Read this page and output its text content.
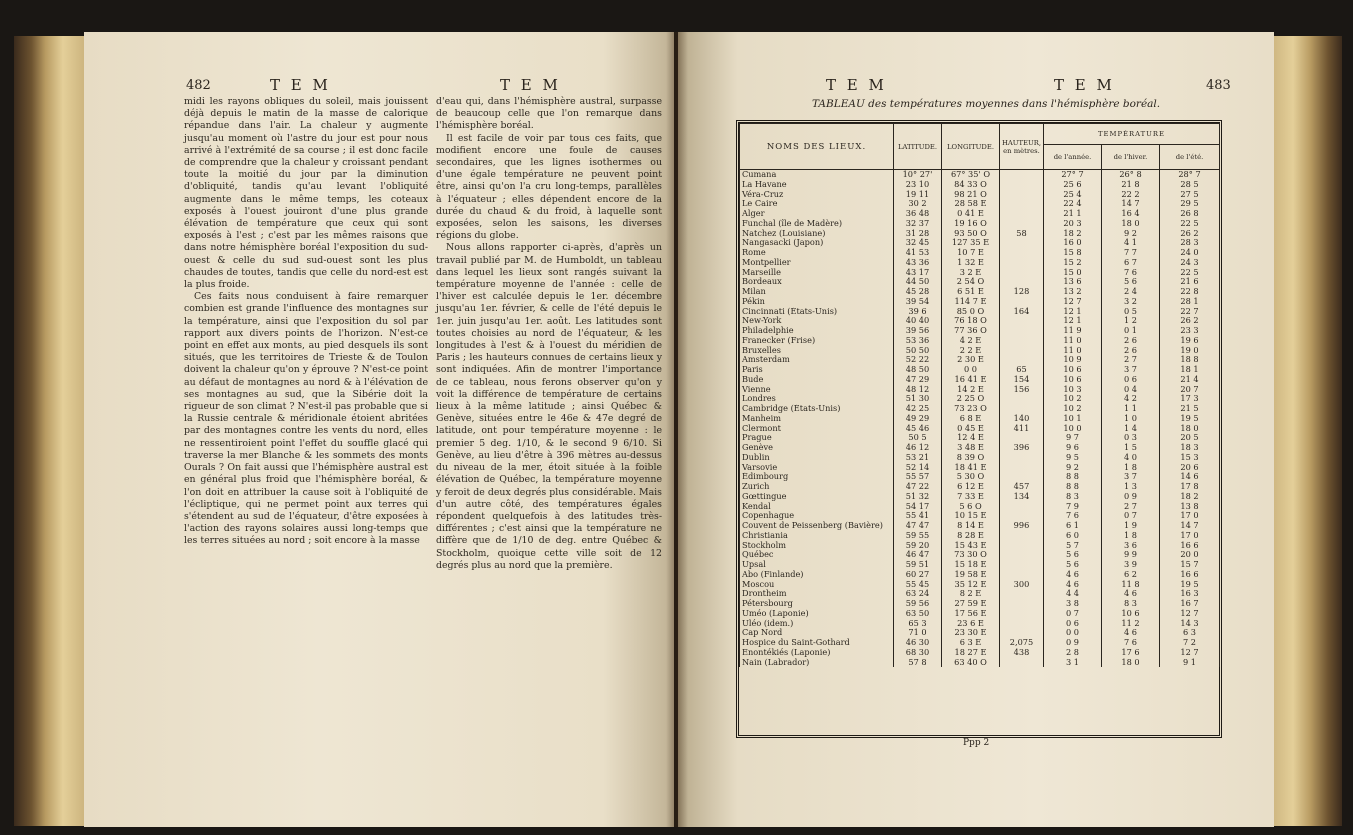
482	T E M	T E M

midi les rayons obliques du soleil, mais jouissent déjà depuis le matin de la masse de calorique répandue dans l'air. La chaleur y augmente jusqu'au moment où l'astre du jour est pour nous arrivé à l'extrémité de sa course ; il est donc facile de comprendre que la chaleur y croissant pendant toute la moitié du jour par la diminution d'obliquité, tandis qu'au levant l'obliquité augmente dans le même temps, les coteaux exposés à l'ouest jouiront d'une plus grande élévation de température que ceux qui sont exposés à l'est ; c'est par les mêmes raisons que dans notre hémisphère boréal l'exposition du sud-ouest & celle du sud sud-ouest sont les plus chaudes de toutes, tandis que celle du nord-est est la plus froide.

Ces faits nous conduisent à faire remarquer combien est grande l'influence des montagnes sur la température, ainsi que l'exposition du sol par rapport aux divers points de l'horizon. N'est-ce point en effet aux monts, au pied desquels ils sont situés, que les territoires de Trieste & de Toulon doivent la chaleur qu'on y éprouve ? N'est-ce point au défaut de montagnes au nord & à l'élévation de ses montagnes au sud, que la Sibérie doit la rigueur de son climat ? N'est-il pas probable que si la Russie centrale & méridionale étoient abritées par des montagnes contre les vents du nord, elles ne ressentiroient point l'effet du souffle glacé qui traverse la mer Blanche & les sommets des monts Ourals ? On fait aussi que l'hémisphère austral est en général plus froid que l'hémisphère boréal, & l'on doit en attribuer la cause soit à l'obliquité de l'écliptique, qui ne permet point aux terres qui s'étendent au sud de l'équateur, d'être exposées à l'action des rayons solaires aussi long-temps que les terres situées au nord ; soit encore à la masse

d'eau qui, dans l'hémisphère austral, surpasse de beaucoup celle que l'on remarque dans l'hémisphère boréal.

Il est facile de voir par tous ces faits, que modifient encore une foule de causes secondaires, que les lignes isothermes ou d'une égale température ne peuvent point être, ainsi qu'on l'a cru long-temps, parallèles à l'équateur ; elles dépendent encore de la durée du chaud & du froid, à laquelle sont exposées, selon les saisons, les diverses régions du globe.

Nous allons rapporter ci-après, d'après un travail publié par M. de Humboldt, un tableau dans lequel les lieux sont rangés suivant la température moyenne de l'année : celle de l'hiver est calculée depuis le 1er. décembre jusqu'au 1er. février, & celle de l'été depuis le 1er. juin jusqu'au 1er. août. Les latitudes sont toutes choisies au nord de l'équateur, & les longitudes à l'est & à l'ouest du méridien de Paris ; les hauteurs connues de certains lieux y sont indiquées. Afin de montrer l'importance de ce tableau, nous ferons observer qu'on y voit la différence de température de certains lieux à la même latitude ; ainsi Québec & Genève, situées entre le 46e & 47e degré de latitude, ont pour température moyenne : le premier 5 deg. 1/10, & le second 9 6/10. Si Genève, au lieu d'être à 396 mètres au-dessus du niveau de la mer, étoit située à la foible élévation de Québec, la température moyenne y feroit de deux degrés plus considérable. Mais d'un autre côté, des températures égales répondent quelquefois à des latitudes très-différentes ; c'est ainsi que la température ne diffère que de 1/10 de deg. entre Québec & Stockholm, quoique cette ville soit de 12 degrés plus au nord que la première.

T E M	T E M	483
TABLEAU des températures moyennes dans l'hémisphère boréal.
NOMS DES LIEUX.	LATITUDE.	LONGITUDE.	HAUTEUR, en mètres.	TEMPÉRATURE		
				de l'année.	de l'hiver.	de l'été.
Cumana	10° 27'	67° 35' O		27° 7	26° 8	28° 7
La Havane	23 10	84 33 O		25 6	21 8	28 5
Véra-Cruz	19 11	98 21 O		25 4	22 2	27 5
Le Caire	30 2	28 58 E		22 4	14 7	29 5
Alger	36 48	0 41 E		21 1	16 4	26 8
Funchal (île de Madère)	32 37	19 16 O		20 3	18 0	22 5
Natchez (Louisiane)	31 28	93 50 O	58	18 2	9 2	26 2
Nangasacki (Japon)	32 45	127 35 E		16 0	4 1	28 3
Rome	41 53	10 7 E		15 8	7 7	24 0
Montpellier	43 36	1 32 E		15 2	6 7	24 3
Marseille	43 17	3 2 E		15 0	7 6	22 5
Bordeaux	44 50	2 54 O		13 6	5 6	21 6
Milan	45 28	6 51 E	128	13 2	2 4	22 8
Pékin	39 54	114 7 E		12 7	3 2	28 1
Cincinnati (États-Unis)	39 6	85 0 O	164	12 1	0 5	22 7
New-York	40 40	76 18 O		12 1	1 2	26 2
Philadelphie	39 56	77 36 O		11 9	0 1	23 3
Franecker (Frise)	53 36	4 2 E		11 0	2 6	19 6
Bruxelles	50 50	2 2 E		11 0	2 6	19 0
Amsterdam	52 22	2 30 E		10 9	2 7	18 8
Paris	48 50	0 0	65	10 6	3 7	18 1
Bude	47 29	16 41 E	154	10 6	0 6	21 4
Vienne	48 12	14 2 E	156	10 3	0 4	20 7
Londres	51 30	2 25 O		10 2	4 2	17 3
Cambridge (États-Unis)	42 25	73 23 O		10 2	1 1	21 5
Manheim	49 29	6 8 E	140	10 1	1 0	19 5
Clermont	45 46	0 45 E	411	10 0	1 4	18 0
Prague	50 5	12 4 E		9 7	0 3	20 5
Genève	46 12	3 48 E	396	9 6	1 5	18 3
Dublin	53 21	8 39 O		9 5	4 0	15 3
Varsovie	52 14	18 41 E		9 2	1 8	20 6
Édimbourg	55 57	5 30 O		8 8	3 7	14 6
Zurich	47 22	6 12 E	457	8 8	1 3	17 8
Gœttingue	51 32	7 33 E	134	8 3	0 9	18 2
Kendal	54 17	5 6 O		7 9	2 7	13 8
Copenhague	55 41	10 15 E		7 6	0 7	17 0
Couvent de Peissenberg (Bavière)	47 47	8 14 E	996	6 1	1 9	14 7
Christiania	59 55	8 28 E		6 0	1 8	17 0
Stockholm	59 20	15 43 E		5 7	3 6	16 6
Québec	46 47	73 30 O		5 6	9 9	20 0
Upsal	59 51	15 18 E		5 6	3 9	15 7
Abo (Finlande)	60 27	19 58 E		4 6	6 2	16 6
Moscou	55 45	35 12 E	300	4 6	11 8	19 5
Drontheim	63 24	8 2 E		4 4	4 6	16 3
Pétersbourg	59 56	27 59 E		3 8	8 3	16 7
Uméo (Laponie)	63 50	17 56 E		0 7	10 6	12 7
Uléo (idem.)	65 3	23 6 E		0 6	11 2	14 3
Cap Nord	71 0	23 30 E		0 0	4 6	6 3
Hospice du Saint-Gothard	46 30	6 3 E	2,075	0 9	7 6	7 2
Enontékiés (Laponie)	68 30	18 27 E	438	2 8	17 6	12 7
Nain (Labrador)	57 8	63 40 O		3 1	18 0	9 1
Ppp 2
